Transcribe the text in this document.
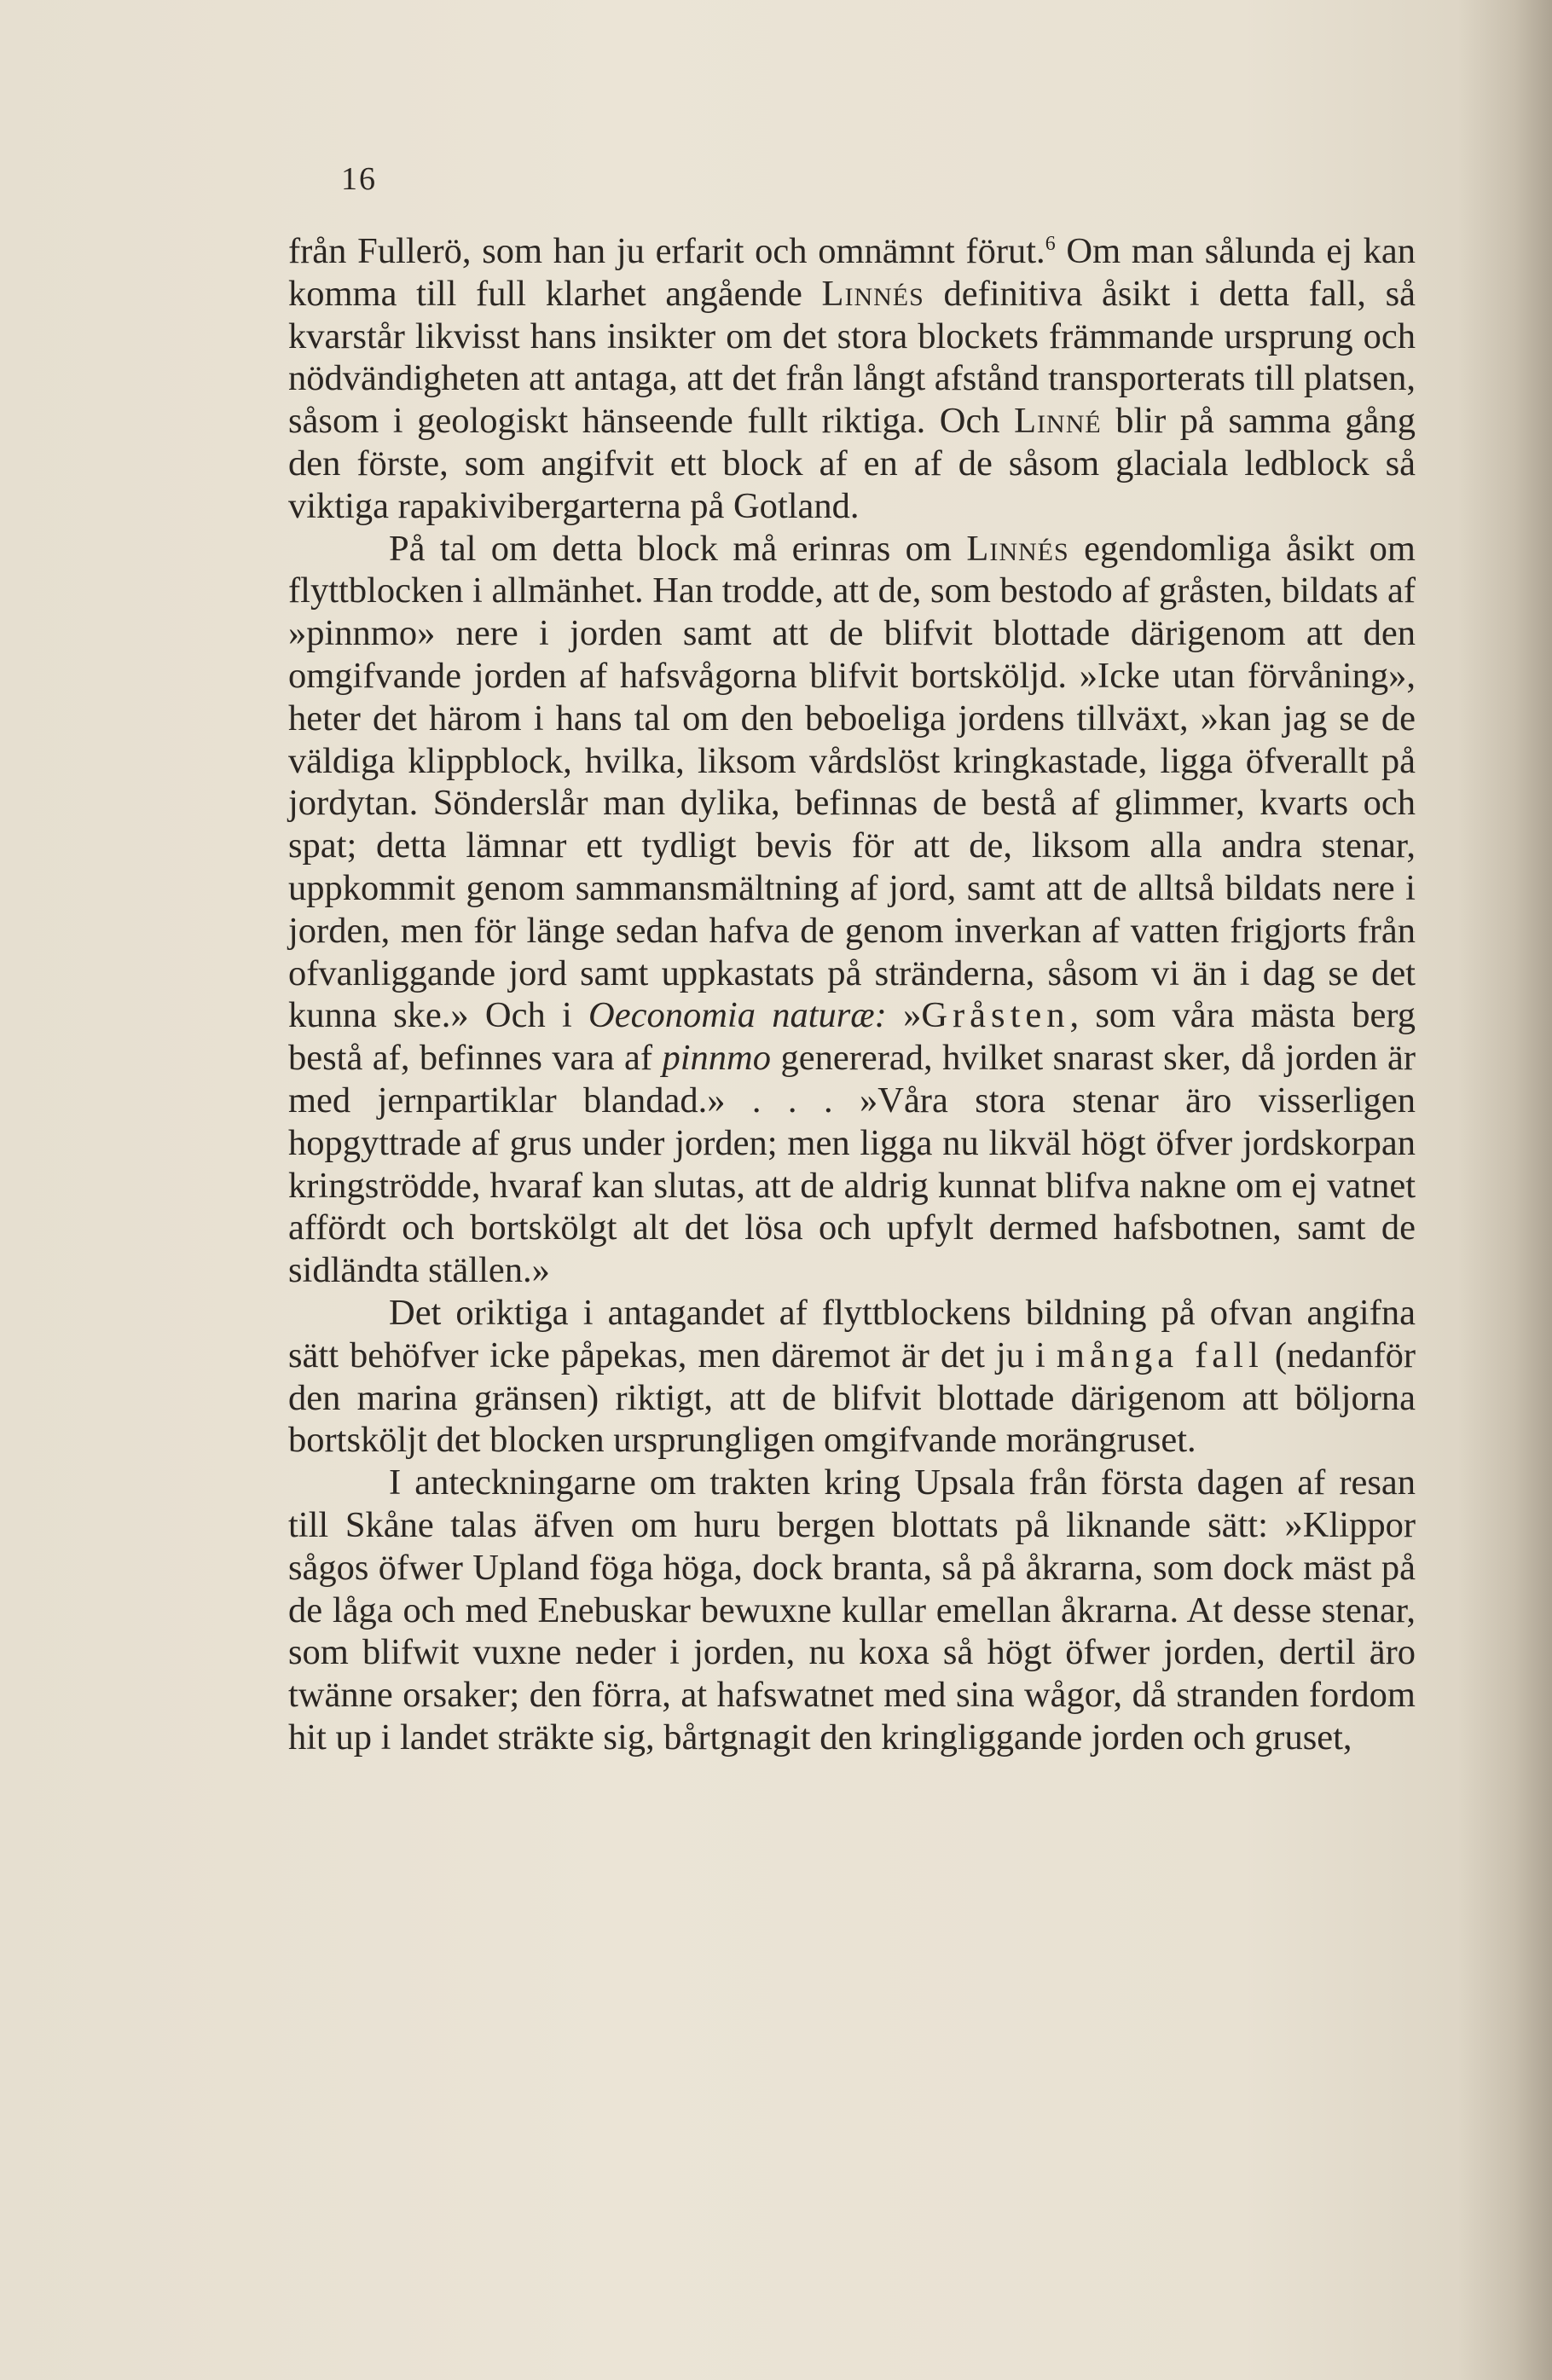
16

från Fullerö, som han ju erfarit och omnämnt förut.$^6$ Om man sålunda ej kan komma till full klarhet angående Linnés definitiva åsikt i detta fall, så kvarstår likvisst hans insikter om det stora blockets främmande ursprung och nödvändigheten att antaga, att det från långt afstånd transporterats till platsen, såsom i geologiskt hänseende fullt riktiga. Och Linné blir på samma gång den förste, som angifvit ett block af en af de såsom glaciala ledblock så viktiga rapakivibergarterna på Gotland.

På tal om detta block må erinras om Linnés egendomliga åsikt om flyttblocken i allmänhet. Han trodde, att de, som bestodo af gråsten, bildats af »pinnmo» nere i jorden samt att de blifvit blottade därigenom att den omgifvande jorden af hafsvågorna blifvit bortsköljd. »Icke utan förvåning», heter det härom i hans tal om den beboeliga jordens tillväxt, »kan jag se de väldiga klippblock, hvilka, liksom vårdslöst kringkastade, ligga öfverallt på jordytan. Sönderslår man dylika, befinnas de bestå af glimmer, kvarts och spat; detta lämnar ett tydligt bevis för att de, liksom alla andra stenar, uppkommit genom sammansmältning af jord, samt att de alltså bildats nere i jorden, men för länge sedan hafva de genom inverkan af vatten frigjorts från ofvanliggande jord samt uppkastats på stränderna, såsom vi än i dag se det kunna ske.» Och i Oeconomia naturæ: »Gråsten, som våra mästa berg bestå af, befinnes vara af pinnmo genererad, hvilket snarast sker, då jorden är med jernpartiklar blandad.» . . . »Våra stora stenar äro visserligen hopgyttrade af grus under jorden; men ligga nu likväl högt öfver jordskorpan kringströdde, hvaraf kan slutas, att de aldrig kunnat blifva nakne om ej vatnet affördt och bortskölgt alt det lösa och upfylt dermed hafsbotnen, samt de sidländta ställen.»

Det oriktiga i antagandet af flyttblockens bildning på ofvan angifna sätt behöfver icke påpekas, men däremot är det ju i många fall (nedanför den marina gränsen) riktigt, att de blifvit blottade därigenom att böljorna bortsköljt det blocken ursprungligen omgifvande morängruset.

I anteckningarne om trakten kring Upsala från första dagen af resan till Skåne talas äfven om huru bergen blottats på liknande sätt: »Klippor sågos öfwer Upland föga höga, dock branta, så på åkrarna, som dock mäst på de låga och med Enebuskar bewuxne kullar emellan åkrarna. At desse stenar, som blifwit vuxne neder i jorden, nu koxa så högt öfwer jorden, dertil äro twänne orsaker; den förra, at hafswatnet med sina wågor, då stranden fordom hit up i landet sträkte sig, bårtgnagit den kringliggande jorden och gruset,
